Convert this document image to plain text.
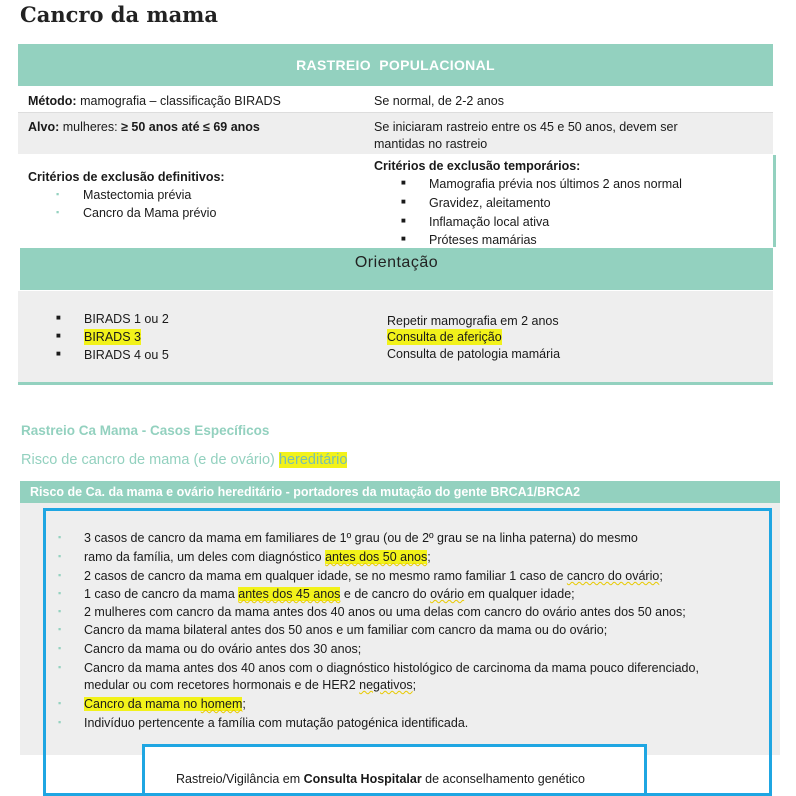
Cancro da mama
RASTREIO  POPULACIONAL
Método: mamografia – classificação BIRADS	Se normal, de 2-2 anos
Alvo: mulheres: ≥ 50 anos até ≤ 69 anos	Se iniciaram rastreio entre os 45 e 50 anos, devem ser
mantidas no rastreio
Critérios de exclusão definitivos:
▪ Mastectomia prévia
▪ Cancro da Mama prévio
Critérios de exclusão temporários:
■ Mamografia prévia nos últimos 2 anos normal
■ Gravidez, aleitamento
■ Inflamação local ativa
■ Próteses mamárias
Orientação
■ BIRADS 1 ou 2
■ BIRADS 3
■ BIRADS 4 ou 5
Repetir mamografia em 2 anos
Consulta de aferição
Consulta de patologia mamária
Rastreio Ca Mama - Casos Específicos
Risco de cancro de mama (e de ovário) hereditário
Risco de Ca. da mama e ovário hereditário - portadores da mutação do gente BRCA1/BRCA2
▪ 3 casos de cancro da mama em familiares de 1º grau (ou de 2º grau se na linha paterna) do mesmo
▪ ramo da família, um deles com diagnóstico antes dos 50 anos;
▪ 2 casos de cancro da mama em qualquer idade, se no mesmo ramo familiar 1 caso de cancro do ovário;
▪ 1 caso de cancro da mama antes dos 45 anos e de cancro do ovário em qualquer idade;
▪ 2 mulheres com cancro da mama antes dos 40 anos ou uma delas com cancro do ovário antes dos 50 anos;
▪ Cancro da mama bilateral antes dos 50 anos e um familiar com cancro da mama ou do ovário;
▪ Cancro da mama ou do ovário antes dos 30 anos;
▪ Cancro da mama antes dos 40 anos com o diagnóstico histológico de carcinoma da mama pouco diferenciado,
medular ou com recetores hormonais e de HER2 negativos;
▪ Cancro da mama no homem;
▪ Indivíduo pertencente a família com mutação patogénica identificada.
Rastreio/Vigilância em Consulta Hospitalar de aconselhamento genético
